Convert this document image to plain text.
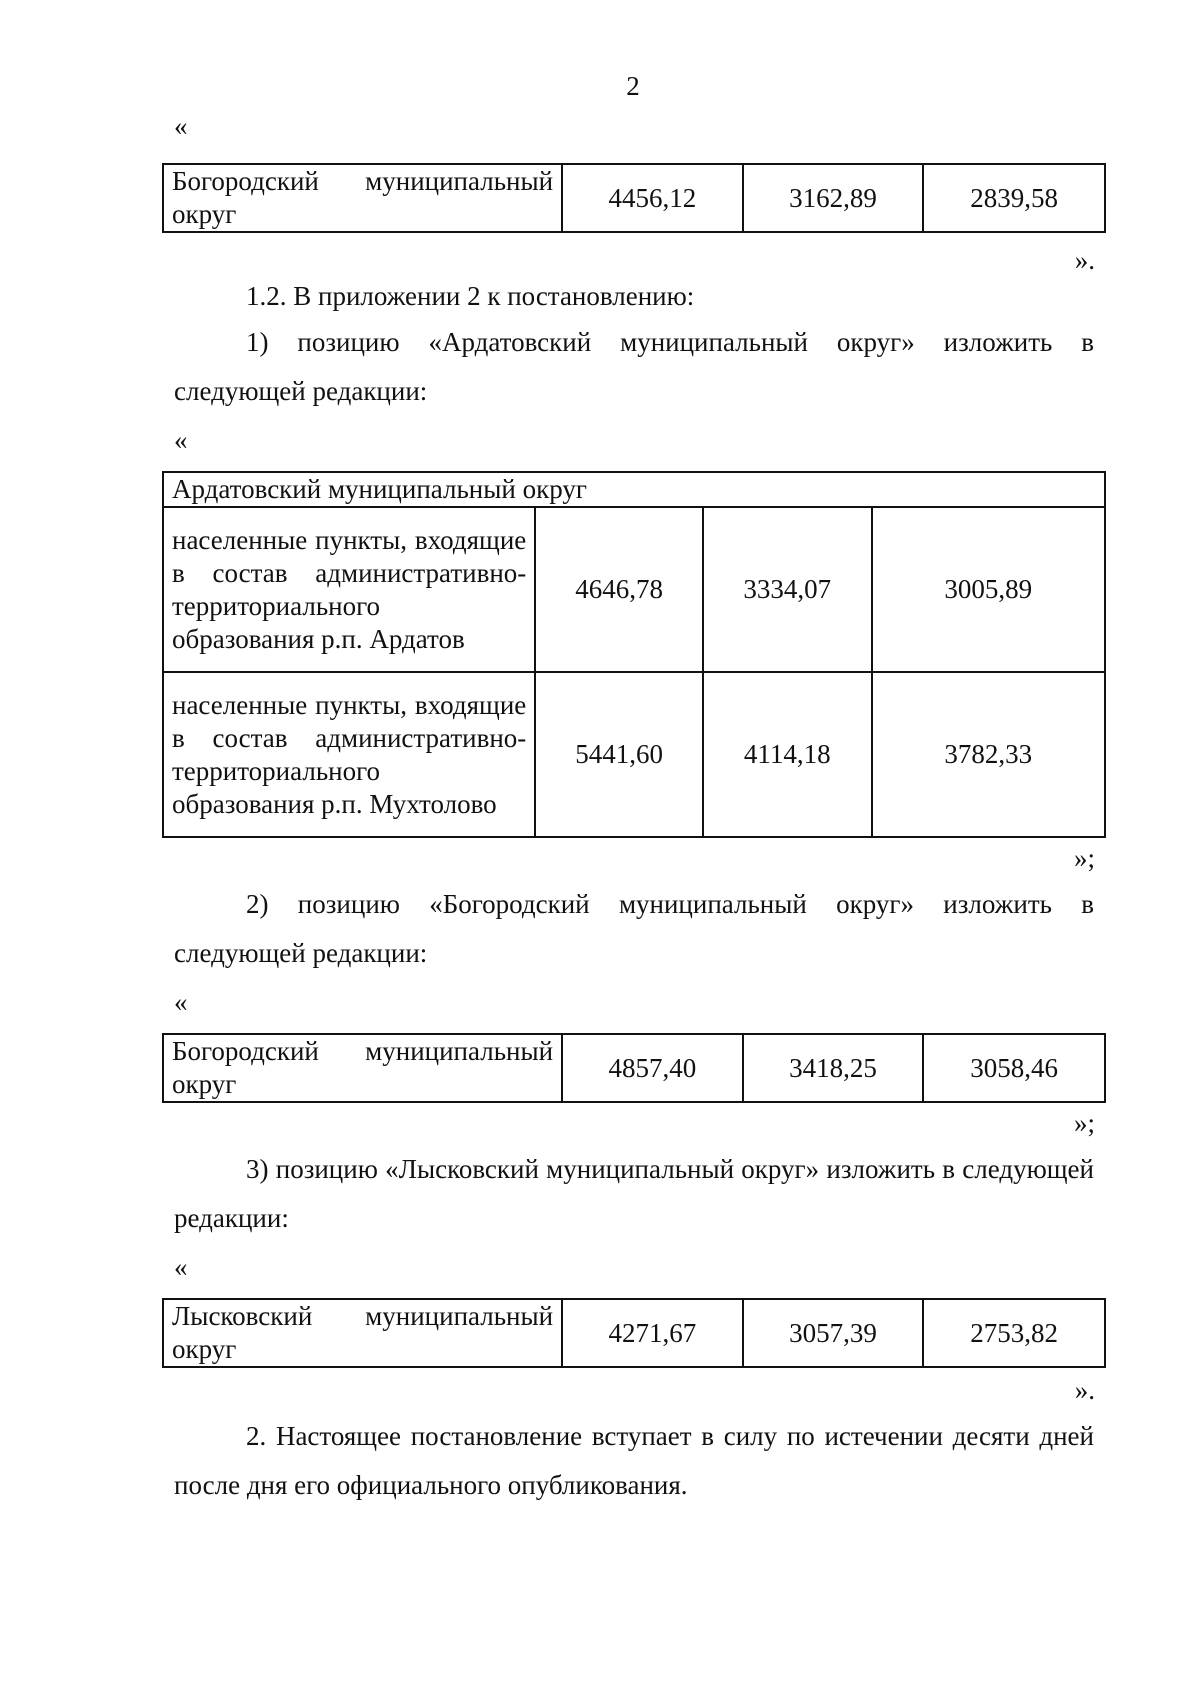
2
«
Богородский муниципальный округ	4456,12	3162,89	2839,58
».
1.2. В приложении 2 к постановлению:
1) позицию «Ардатовский муниципальный округ» изложить в следующей редакции:
«
Ардатовский муниципальный округ			
населенные пункты, входящие в состав административно-территориального образования р.п. Ардатов	4646,78	3334,07	3005,89
населенные пункты, входящие в состав административно-территориального образования р.п. Мухтолово	5441,60	4114,18	3782,33
»;
2) позицию «Богородский муниципальный округ» изложить в следующей редакции:
«
Богородский муниципальный округ	4857,40	3418,25	3058,46
»;
3) позицию «Лысковский муниципальный округ» изложить в следующей редакции:
«
Лысковский муниципальный округ	4271,67	3057,39	2753,82
».
2. Настоящее постановление вступает в силу по истечении десяти дней после дня его официального опубликования.
